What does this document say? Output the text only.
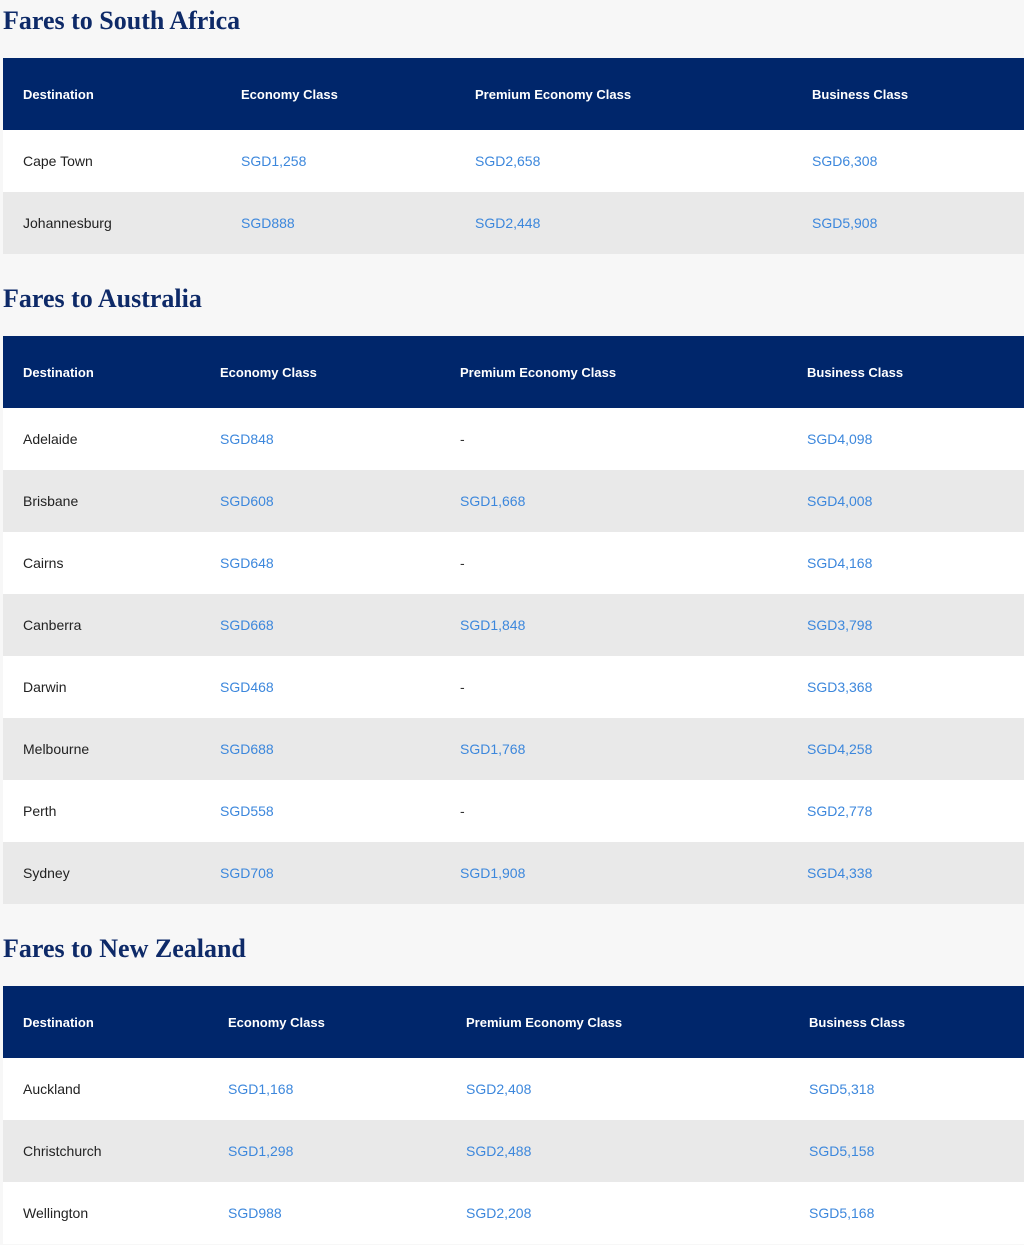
Fares to South Africa
Destination	Economy Class	Premium Economy Class	Business Class
Cape Town	SGD1,258	SGD2,658	SGD6,308
Johannesburg	SGD888	SGD2,448	SGD5,908
Fares to Australia
Destination	Economy Class	Premium Economy Class	Business Class
Adelaide	SGD848	-	SGD4,098
Brisbane	SGD608	SGD1,668	SGD4,008
Cairns	SGD648	-	SGD4,168
Canberra	SGD668	SGD1,848	SGD3,798
Darwin	SGD468	-	SGD3,368
Melbourne	SGD688	SGD1,768	SGD4,258
Perth	SGD558	-	SGD2,778
Sydney	SGD708	SGD1,908	SGD4,338
Fares to New Zealand
Destination	Economy Class	Premium Economy Class	Business Class
Auckland	SGD1,168	SGD2,408	SGD5,318
Christchurch	SGD1,298	SGD2,488	SGD5,158
Wellington	SGD988	SGD2,208	SGD5,168
